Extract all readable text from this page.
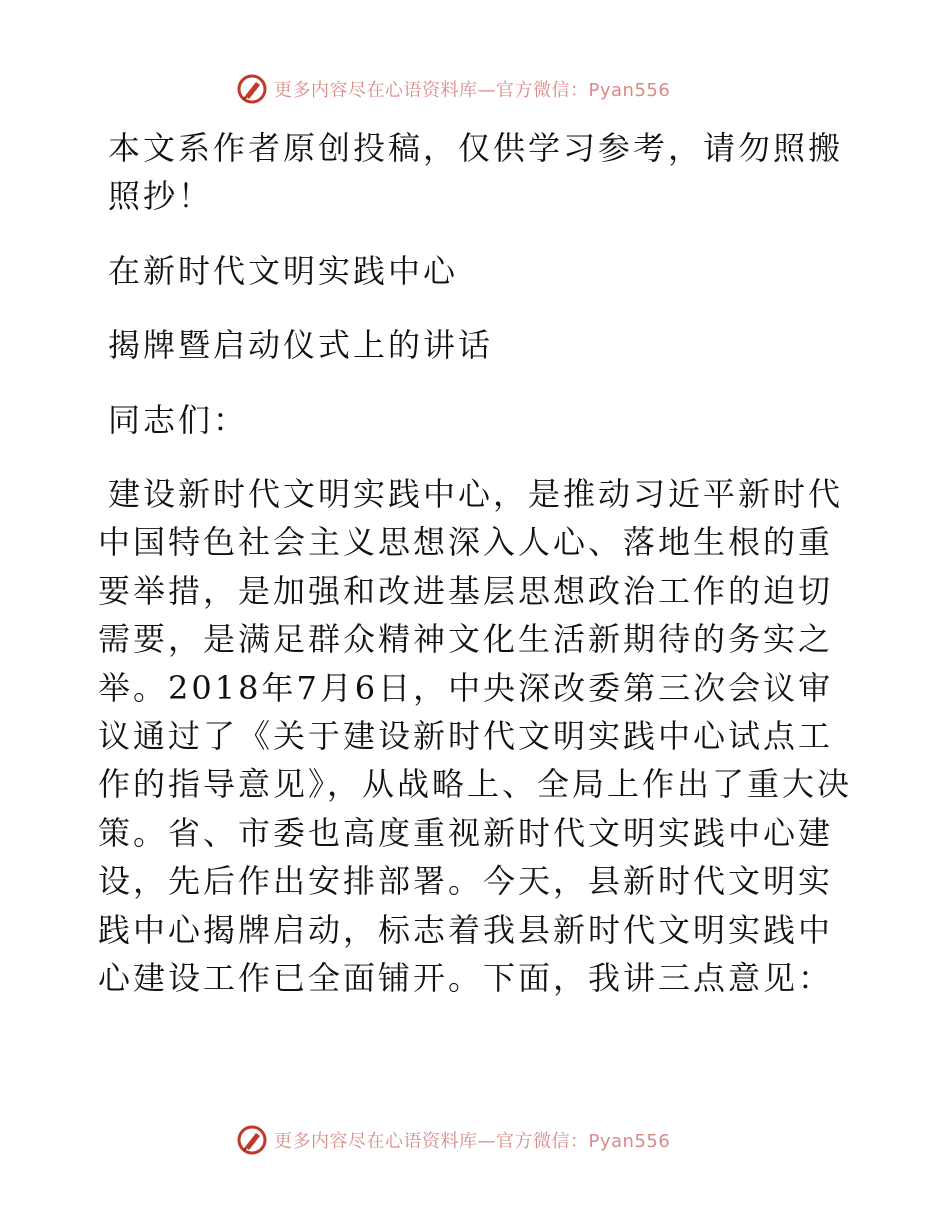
更多内容尽在心语资料库—官方微信：Pyan556

本文系作者原创投稿，仅供学习参考，请勿照搬照抄！

在新时代文明实践中心

揭牌暨启动仪式上的讲话

同志们：

建设新时代文明实践中心，是推动习近平新时代中国特色社会主义思想深入人心、落地生根的重要举措，是加强和改进基层思想政治工作的迫切需要，是满足群众精神文化生活新期待的务实之举。2018年7月6日，中央深改委第三次会议审议通过了《关于建设新时代文明实践中心试点工作的指导意见》，从战略上、全局上作出了重大决策。省、市委也高度重视新时代文明实践中心建设，先后作出安排部署。今天，县新时代文明实践中心揭牌启动，标志着我县新时代文明实践中心建设工作已全面铺开。下面，我讲三点意见：

更多内容尽在心语资料库—官方微信：Pyan556
